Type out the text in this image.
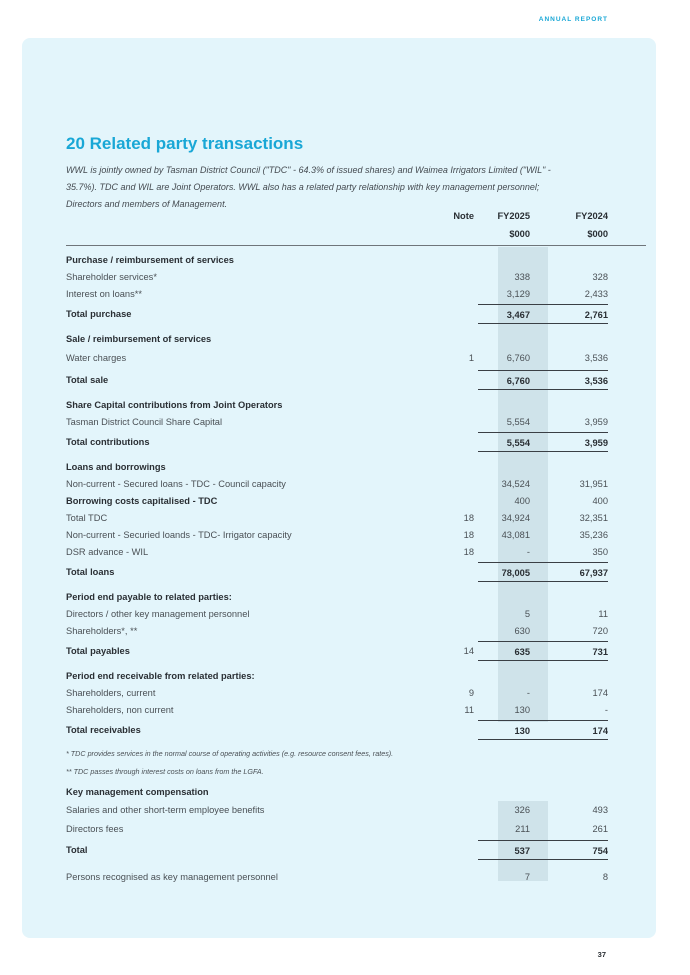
ANNUAL REPORT
20 Related party transactions

WWL is jointly owned by Tasman District Council ("TDC" - 64.3% of issued shares) and Waimea Irrigators Limited ("WIL" - 35.7%). TDC and WIL are Joint Operators. WWL also has a related party relationship with key management personnel; Directors and members of Management.

Note	FY2025	FY2024
$000	$000
Purchase / reimbursement of services
Shareholder services*	338	328
Interest on loans**	3,129	2,433
Total purchase	3,467	2,761
Sale / reimbursement of services
Water charges	1	6,760	3,536
Total sale	6,760	3,536
Share Capital contributions from Joint Operators
Tasman District Council Share Capital	5,554	3,959
Total contributions	5,554	3,959
Loans and borrowings
Non-current - Secured loans - TDC - Council capacity	34,524	31,951
Borrowing costs capitalised - TDC	400	400
Total TDC	18	34,924	32,351
Non-current - Securied loands - TDC- Irrigator capacity	18	43,081	35,236
DSR advance - WIL	18	-	350
Total loans	78,005	67,937
Period end payable to related parties:
Directors / other key management personnel	5	11
Shareholders*, **	630	720
Total payables	14	635	731
Period end receivable from related parties:
Shareholders, current	9	-	174
Shareholders, non current	11	130	-
Total receivables	130	174
* TDC provides services in the normal course of operating activities (e.g. resource consent fees, rates).
** TDC passes through interest costs on loans from the LGFA.
Key management compensation
Salaries and other short-term employee benefits	326	493
Directors fees	211	261
Total	537	754
Persons recognised as key management personnel	7	8
37
